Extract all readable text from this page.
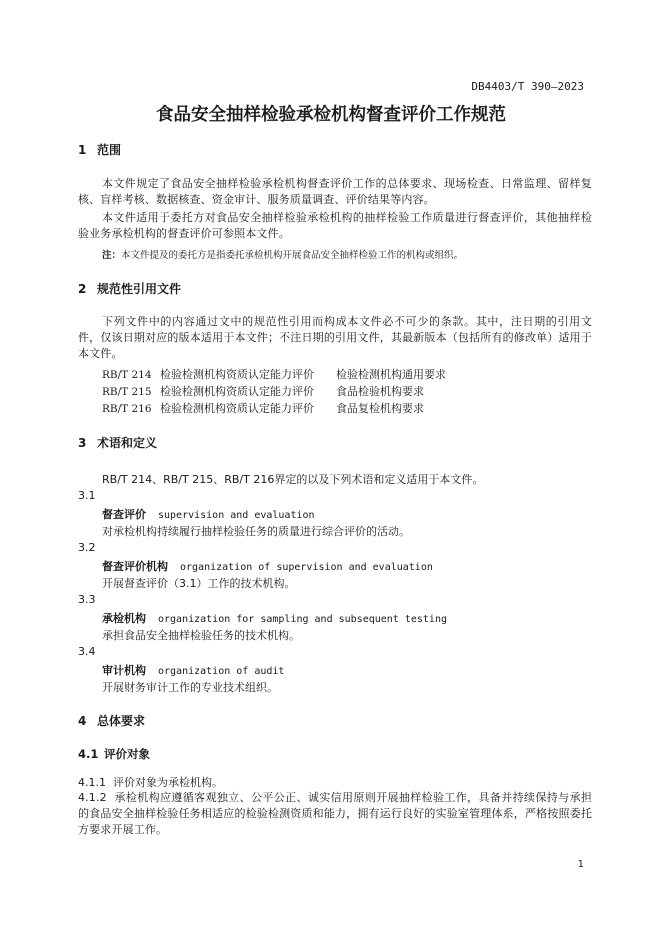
DB4403/T 390—2023
食品安全抽样检验承检机构督查评价工作规范
1 范围
本文件规定了食品安全抽样检验承检机构督查评价工作的总体要求、现场检查、日常监理、留样复核、盲样考核、数据核查、资金审计、服务质量调查、评价结果等内容。
本文件适用于委托方对食品安全抽样检验承检机构的抽样检验工作质量进行督查评价，其他抽样检验业务承检机构的督查评价可参照本文件。
注：本文件提及的委托方是指委托承检机构开展食品安全抽样检验工作的机构或组织。
2 规范性引用文件
下列文件中的内容通过文中的规范性引用而构成本文件必不可少的条款。其中，注日期的引用文件，仅该日期对应的版本适用于本文件；不注日期的引用文件，其最新版本（包括所有的修改单）适用于本文件。
RB/T 214 检验检测机构资质认定能力评价 检验检测机构通用要求
RB/T 215 检验检测机构资质认定能力评价 食品检验机构要求
RB/T 216 检验检测机构资质认定能力评价 食品复检机构要求
3 术语和定义
RB/T 214、RB/T 215、RB/T 216界定的以及下列术语和定义适用于本文件。
3.1
督查评价 supervision and evaluation
对承检机构持续履行抽样检验任务的质量进行综合评价的活动。
3.2
督查评价机构 organization of supervision and evaluation
开展督查评价（3.1）工作的技术机构。
3.3
承检机构 organization for sampling and subsequent testing
承担食品安全抽样检验任务的技术机构。
3.4
审计机构 organization of audit
开展财务审计工作的专业技术组织。
4 总体要求
4.1 评价对象
4.1.1 评价对象为承检机构。
4.1.2 承检机构应遵循客观独立、公平公正、诚实信用原则开展抽样检验工作，具备并持续保持与承担的食品安全抽样检验任务相适应的检验检测资质和能力，拥有运行良好的实验室管理体系，严格按照委托方要求开展工作。
1
